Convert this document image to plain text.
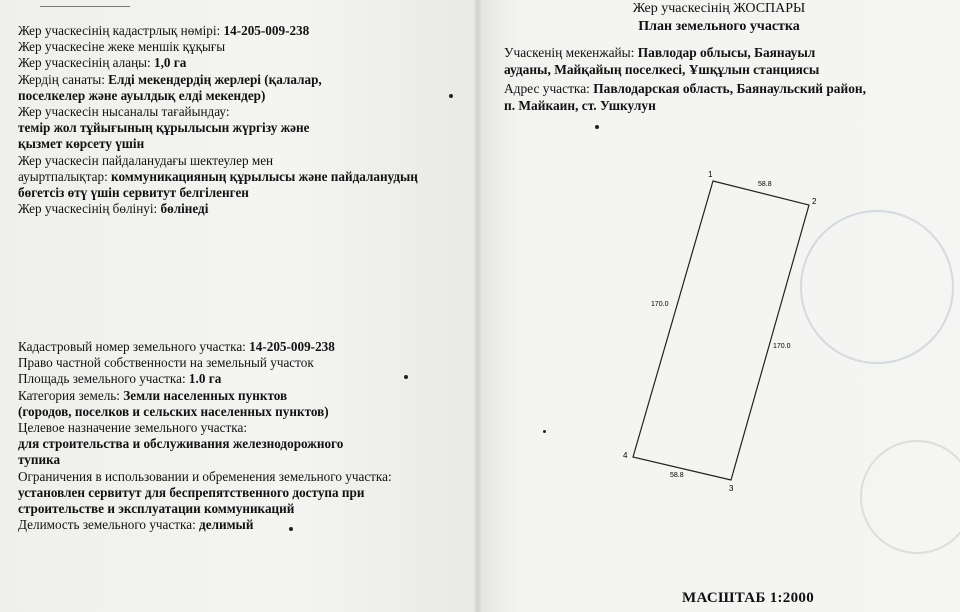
Жер учаскесінің кадастрлық нөмірі: 14-205-009-238
Жер учаскесіне жеке меншік құқығы
Жер учаскесінің алаңы: 1,0 га
Жердің санаты: Елді мекендердің жерлері (қалалар,
поселкелер және ауылдық елді мекендер)
Жер учаскесін нысаналы тағайындау:
темір жол тұйығының құрылысын жүргізу және
қызмет көрсету үшін
Жер учаскесін пайдаланудағы шектеулер мен
ауыртпалықтар: коммуникацияның құрылысы және пайдаланудың
бөгетсіз өтү үшін сервитут белгіленген
Жер учаскесінің бөлінуі: бөлінеді
Кадастровый номер земельного участка: 14-205-009-238
Право частной собственности на земельный участок
Площадь земельного участка: 1.0 га
Категория земель: Земли населенных пунктов
(городов, поселков и сельских населенных пунктов)
Целевое назначение земельного участка:
для строительства и обслуживания железнодорожного
тупика
Ограничения в использовании и обременения земельного участка:
установлен сервитут для беспрепятственного доступа при
строительстве и эксплуатации коммуникаций
Делимость земельного участка: делимый
Жер учаскесінің ЖОСПАРЫ
План земельного участка
Учаскенің мекенжайы: Павлодар облысы, Баянауыл
ауданы, Майқайың поселкесі, Ұшқұлын станциясы
Адрес участка: Павлодарская область, Баянаульский район,
п. Майкаин, ст. Ушкулун
1
2
3
4
58.8
170.0
58.8
170.0
МАСШТАБ 1:2000
